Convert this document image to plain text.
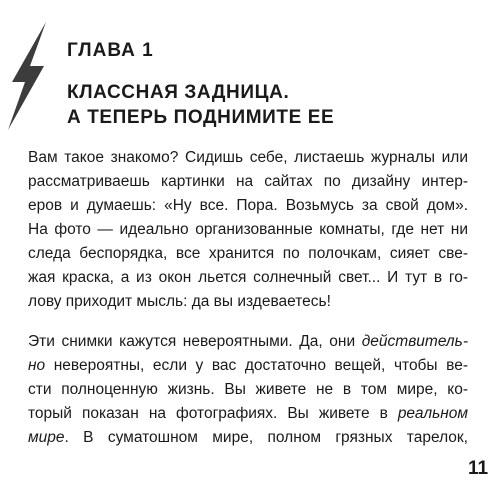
ГЛАВА 1
КЛАССНАЯ ЗАДНИЦА.
А ТЕПЕРЬ ПОДНИМИТЕ ЕЕ
Вам такое знакомо? Сидишь себе, листаешь журналы или
рассматриваешь картинки на сайтах по дизайну интер-
еров и думаешь: «Ну все. Пора. Возьмусь за свой дом».
На фото — идеально организованные комнаты, где нет ни
следа беспорядка, все хранится по полочкам, сияет све-
жая краска, а из окон льется солнечный свет... И тут в го-
лову приходит мысль: да вы издеваетесь!
Эти снимки кажутся невероятными. Да, они действитель-
но невероятны, если у вас достаточно вещей, чтобы ве-
сти полноценную жизнь. Вы живете не в том мире, ко-
торый показан на фотографиях. Вы живете в реальном
мире. В суматошном мире, полном грязных тарелок,
11
